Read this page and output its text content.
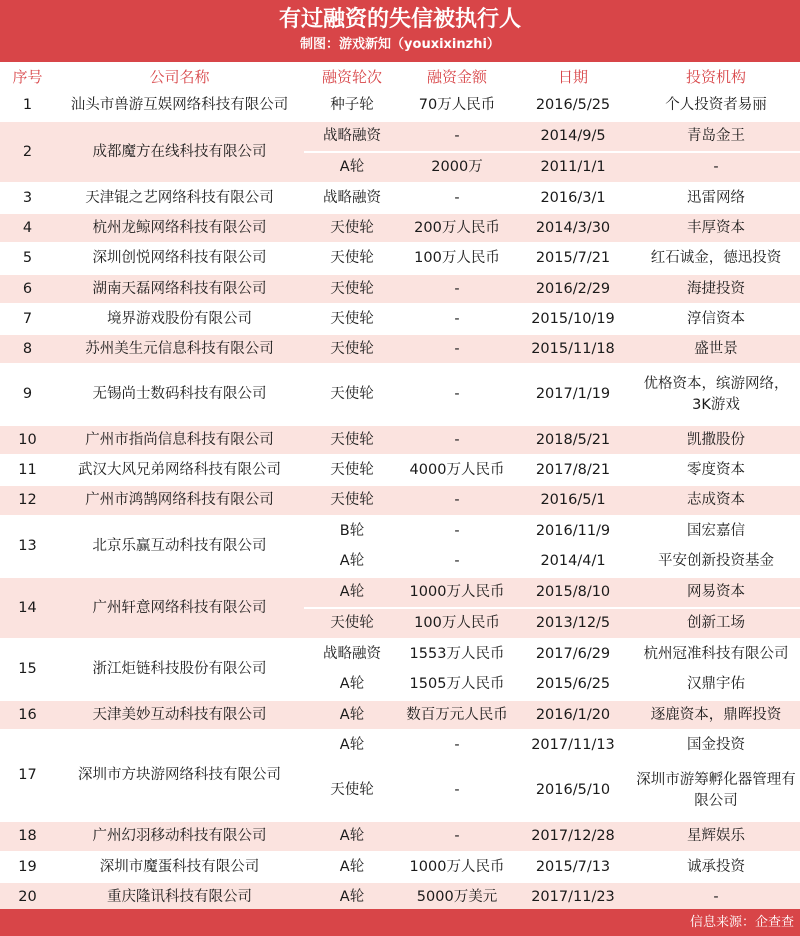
有过融资的失信被执行人
制图：游戏新知（youxixinzhi）
序号	公司名称	融资轮次	融资金额	日期	投资机构
1	汕头市兽游互娱网络科技有限公司	种子轮	70万人民币	2016/5/25	个人投资者易丽
2	成都魔方在线科技有限公司	战略融资	-	2014/9/5	青岛金王
		A轮	2000万	2011/1/1	-
3	天津锟之艺网络科技有限公司	战略融资	-	2016/3/1	迅雷网络
4	杭州龙鲸网络科技有限公司	天使轮	200万人民币	2014/3/30	丰厚资本
5	深圳创悦网络科技有限公司	天使轮	100万人民币	2015/7/21	红石诚金，德迅投资
6	湖南天磊网络科技有限公司	天使轮	-	2016/2/29	海捷投资
7	境界游戏股份有限公司	天使轮	-	2015/10/19	淳信资本
8	苏州美生元信息科技有限公司	天使轮	-	2015/11/18	盛世景
9	无锡尚士数码科技有限公司	天使轮	-	2017/1/19	优格资本，缤游网络，3K游戏
10	广州市指尚信息科技有限公司	天使轮	-	2018/5/21	凯撒股份
11	武汉大风兄弟网络科技有限公司	天使轮	4000万人民币	2017/8/21	零度资本
12	广州市鸿鹄网络科技有限公司	天使轮	-	2016/5/1	志成资本
13	北京乐赢互动科技有限公司	B轮	-	2016/11/9	国宏嘉信
		A轮	-	2014/4/1	平安创新投资基金
14	广州轩意网络科技有限公司	A轮	1000万人民币	2015/8/10	网易资本
		天使轮	100万人民币	2013/12/5	创新工场
15	浙江炬链科技股份有限公司	战略融资	1553万人民币	2017/6/29	杭州冠准科技有限公司
		A轮	1505万人民币	2015/6/25	汉鼎宇佑
16	天津美妙互动科技有限公司	A轮	数百万元人民币	2016/1/20	逐鹿资本，鼎晖投资
17	深圳市方块游网络科技有限公司	A轮	-	2017/11/13	国金投资
		天使轮	-	2016/5/10	深圳市游筹孵化器管理有限公司
18	广州幻羽移动科技有限公司	A轮	-	2017/12/28	星辉娱乐
19	深圳市魔蛋科技有限公司	A轮	1000万人民币	2015/7/13	诚承投资
20	重庆隆讯科技有限公司	A轮	5000万美元	2017/11/23	-
信息来源：企查查
